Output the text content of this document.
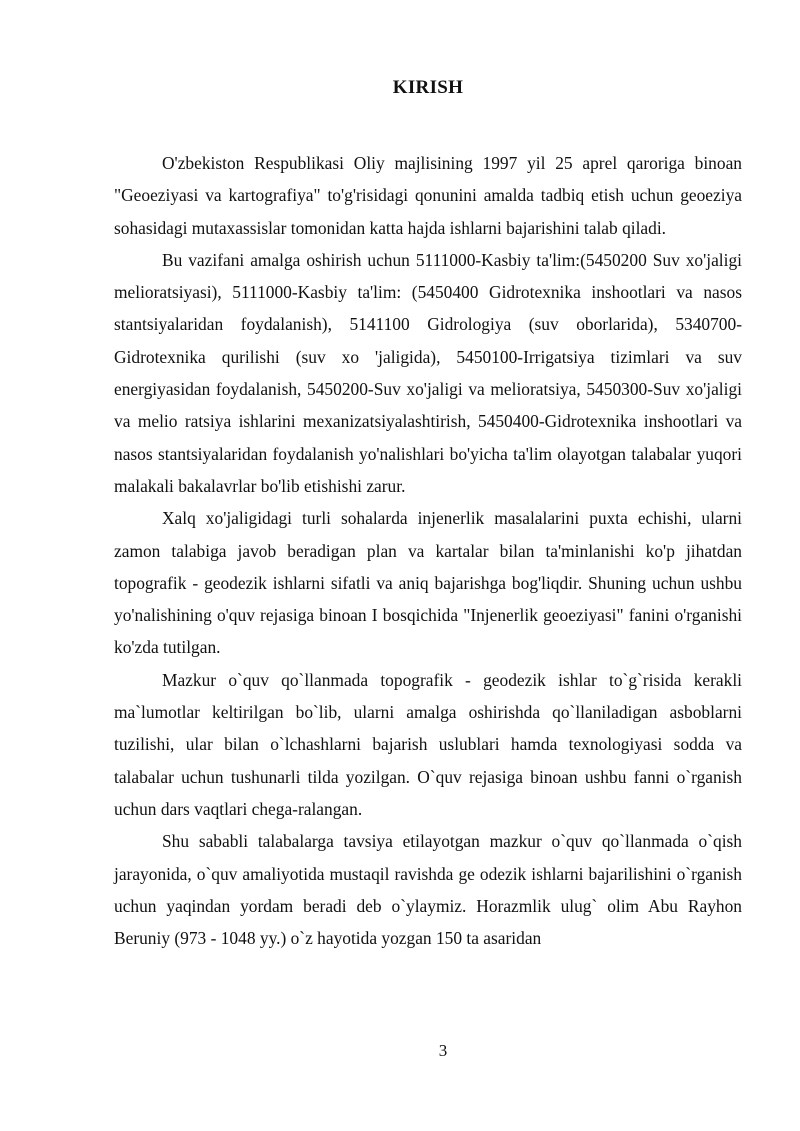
KIRISH

O'zbekiston Respublikasi Oliy majlisining 1997 yil 25 aprel qaroriga binoan "Geoeziyasi va kartografiya" to'g'risidagi qonunini amalda tadbiq etish uchun geoeziya sohasidagi mutaxassislar tomonidan katta hajda ishlarni bajarishini talab qiladi.

Bu vazifani amalga oshirish uchun 5111000-Kasbiy ta'lim:(5450200 Suv xo'jaligi melioratsiyasi), 5111000-Kasbiy ta'lim: (5450400 Gidrotexnika inshootlari va nasos stantsiyalaridan foydalanish), 5141100 Gidrologiya (suv oborlarida), 5340700-Gidrotexnika qurilishi (suv xo 'jaligida), 5450100-Irrigatsiya tizimlari va suv energiyasidan foydalanish, 5450200-Suv xo'jaligi va melioratsiya, 5450300-Suv xo'jaligi va melio ratsiya ishlarini mexanizatsiyalashtirish, 5450400-Gidrotexnika inshootlari va nasos stantsiyalaridan foydalanish yo'nalishlari bo'yicha ta'lim olayotgan talabalar yuqori malakali bakalavrlar bo'lib etishishi zarur.

Xalq xo'jaligidagi turli sohalarda injenerlik masalalarini puxta echishi, ularni zamon talabiga javob beradigan plan va kartalar bilan ta'minlanishi ko'p jihatdan topografik - geodezik ishlarni sifatli va aniq bajarishga bog'liqdir. Shuning uchun ushbu yo'nalishining o'quv rejasiga binoan I bosqichida "Injenerlik geoeziyasi" fanini o'rganishi ko'zda tutilgan.

Mazkur o`quv qo`llanmada topografik - geodezik ishlar to`g`risida kerakli ma`lumotlar keltirilgan bo`lib, ularni amalga oshirishda qo`llaniladigan asboblarni tuzilishi, ular bilan o`lchashlarni bajarish uslublari hamda texnologiyasi sodda va talabalar uchun tushunarli tilda yozilgan. O`quv rejasiga binoan ushbu fanni o`rganish uchun dars vaqtlari chega-ralangan.

Shu sababli talabalarga tavsiya etilayotgan mazkur o`quv qo`llanmada o`qish jarayonida, o`quv amaliyotida mustaqil ravishda ge odezik ishlarni bajarilishini o`rganish uchun yaqindan yordam beradi deb o`ylaymiz. Horazmlik ulug` olim Abu Rayhon Beruniy (973 - 1048 yy.) o`z hayotida yozgan 150 ta asaridan

3
